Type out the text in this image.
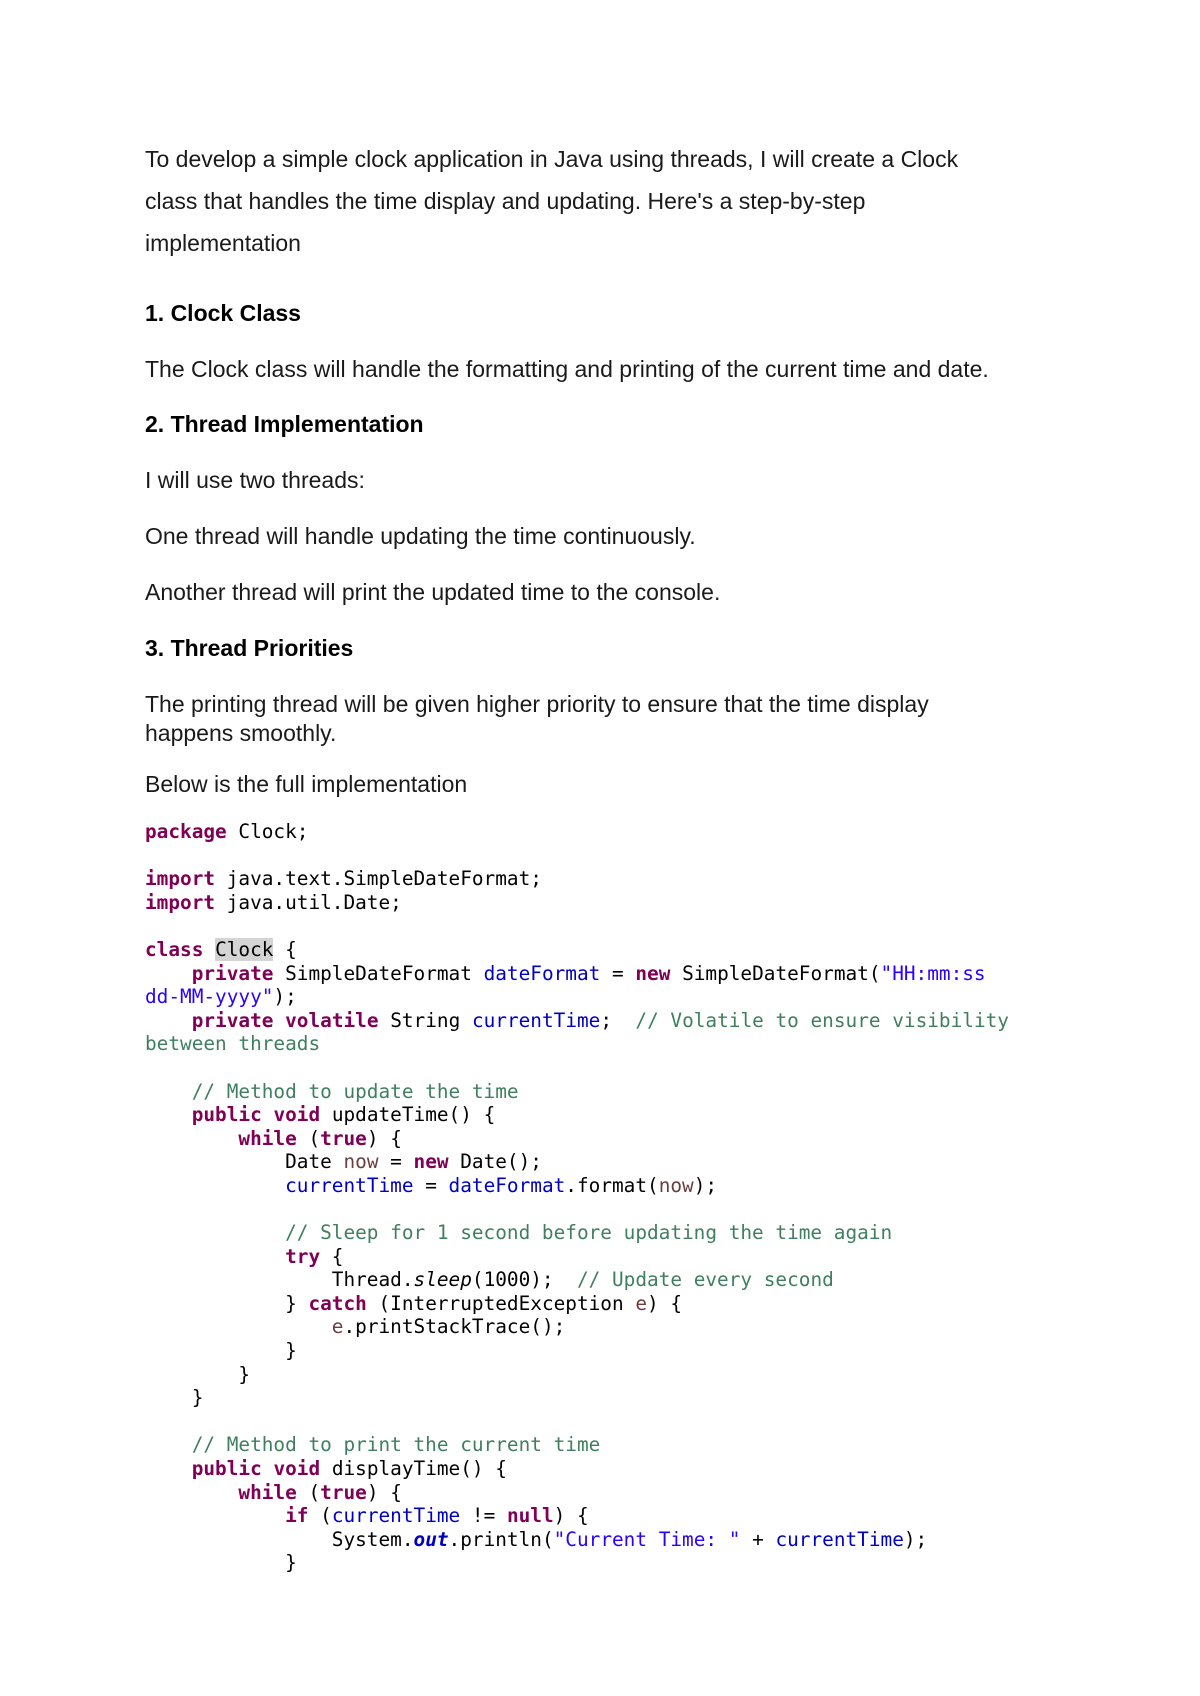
To develop a simple clock application in Java using threads, I will create a Clock

class that handles the time display and updating. Here's a step-by-step

implementation

1. Clock Class

The Clock class will handle the formatting and printing of the current time and date.

2. Thread Implementation

I will use two threads:

One thread will handle updating the time continuously.

Another thread will print the updated time to the console.

3. Thread Priorities

The printing thread will be given higher priority to ensure that the time display

happens smoothly.

Below is the full implementation

package Clock;

import java.text.SimpleDateFormat;
import java.util.Date;

class Clock {
private SimpleDateFormat dateFormat = new SimpleDateFormat("HH:mm:ss
dd-MM-yyyy");
private volatile String currentTime;  // Volatile to ensure visibility
between threads

// Method to update the time
public void updateTime() {
while (true) {
Date now = new Date();
currentTime = dateFormat.format(now);

// Sleep for 1 second before updating the time again
try {
Thread.sleep(1000);  // Update every second
} catch (InterruptedException e) {
e.printStackTrace();
}
}
}

// Method to print the current time
public void displayTime() {
while (true) {
if (currentTime != null) {
System.out.println("Current Time: " + currentTime);
}
